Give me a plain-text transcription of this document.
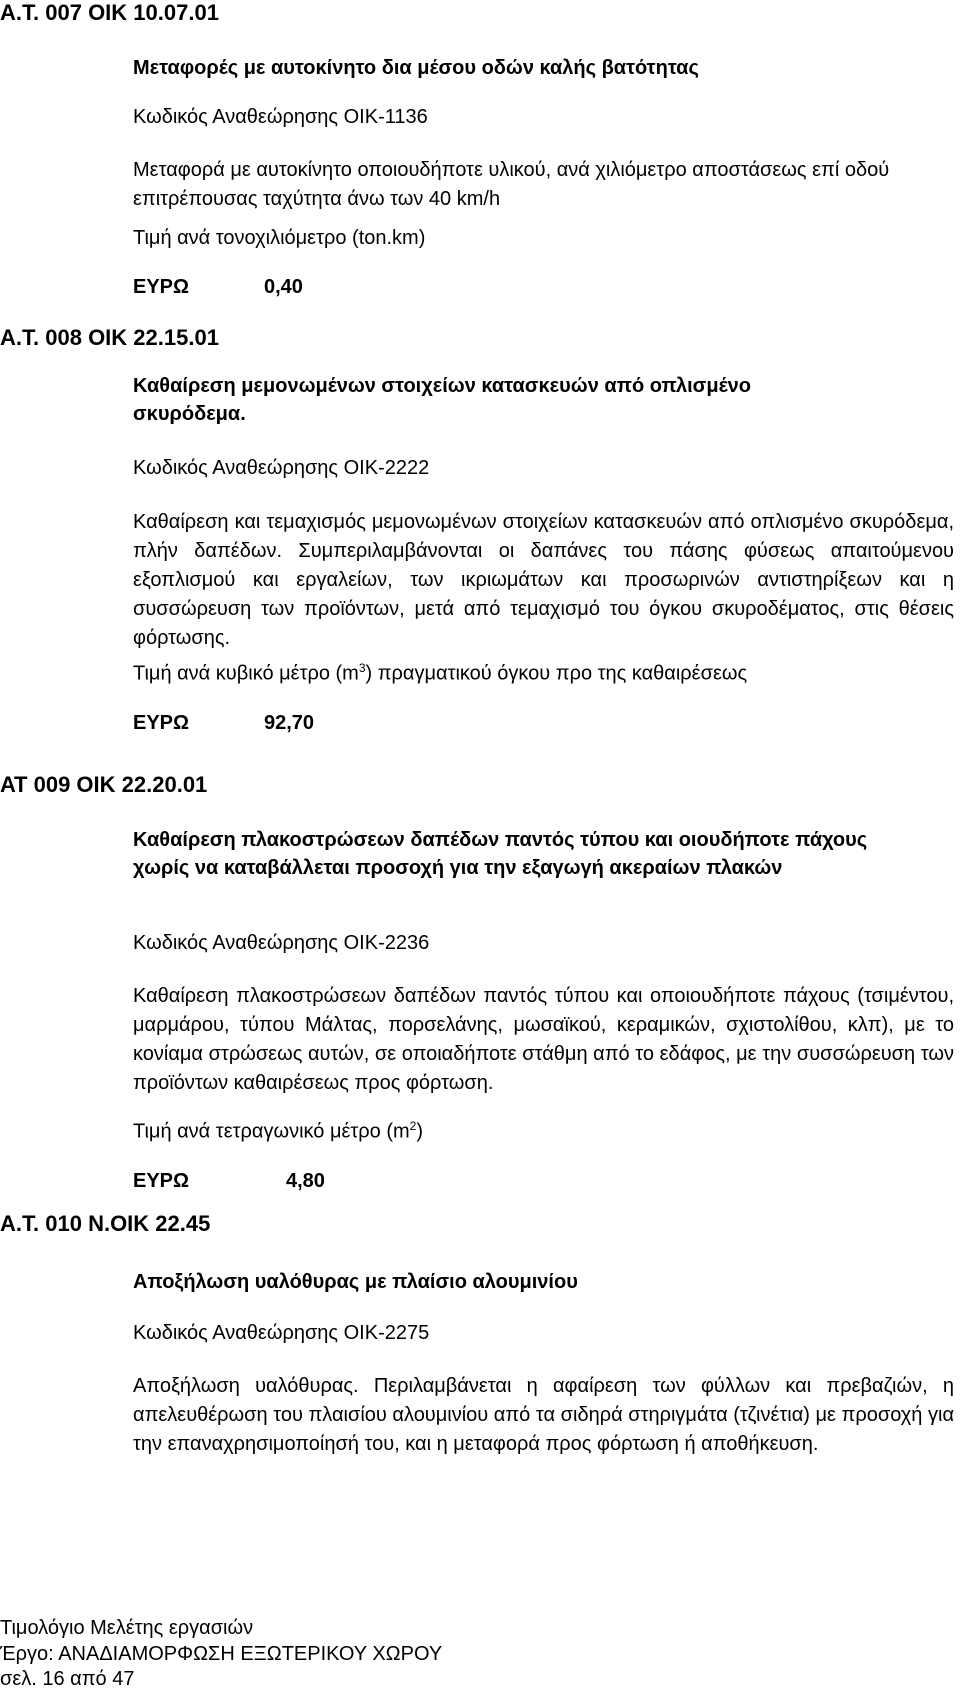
Α.Τ. 007 ΟΙΚ 10.07.01
Μεταφορές με αυτοκίνητο δια μέσου οδών καλής βατότητας
Κωδικός Αναθεώρησης ΟΙΚ-1136
Μεταφορά με αυτοκίνητο οποιουδήποτε υλικού, ανά χιλιόμετρο αποστάσεως επί οδού επιτρέπουσας ταχύτητα άνω των 40 km/h
Τιμή ανά τονοχιλιόμετρο (ton.km)
ΕΥΡΩ	0,40
Α.Τ. 008 ΟΙΚ 22.15.01
Καθαίρεση μεμονωμένων στοιχείων κατασκευών από οπλισμένο σκυρόδεμα.
Κωδικός Αναθεώρησης ΟΙΚ-2222
Καθαίρεση και τεμαχισμός μεμονωμένων στοιχείων κατασκευών από οπλισμένο σκυρόδεμα, πλήν δαπέδων. Συμπεριλαμβάνονται οι δαπάνες του πάσης φύσεως απαιτούμενου εξοπλισμού και εργαλείων, των ικριωμάτων και προσωρινών αντιστηρίξεων και η συσσώρευση των προϊόντων, μετά από τεμαχισμό του όγκου σκυροδέματος, στις θέσεις φόρτωσης.
Τιμή ανά κυβικό μέτρο $(m^3)$ πραγματικού όγκου προ της καθαιρέσεως
ΕΥΡΩ	92,70
ΑΤ 009 ΟΙΚ 22.20.01
Καθαίρεση πλακοστρώσεων δαπέδων παντός τύπου και οιουδήποτε πάχους χωρίς να καταβάλλεται προσοχή για την εξαγωγή ακεραίων πλακών
Κωδικός Αναθεώρησης ΟΙΚ-2236
Καθαίρεση πλακοστρώσεων δαπέδων παντός τύπου και οποιουδήποτε πάχους (τσιμέντου, μαρμάρου, τύπου Μάλτας, πορσελάνης, μωσαϊκού, κεραμικών, σχιστολίθου, κλπ), με το κονίαμα στρώσεως αυτών, σε οποιαδήποτε στάθμη από το εδάφος, με την συσσώρευση των προϊόντων καθαιρέσεως προς φόρτωση.
Τιμή ανά τετραγωνικό μέτρο $(m^2)$
ΕΥΡΩ	4,80
Α.Τ. 010 Ν.ΟΙΚ 22.45
Αποξήλωση υαλόθυρας με πλαίσιο αλουμινίου
Κωδικός Αναθεώρησης ΟΙΚ-2275
Αποξήλωση υαλόθυρας. Περιλαμβάνεται η αφαίρεση των φύλλων και πρεβαζιών, η απελευθέρωση του πλαισίου αλουμινίου από τα σιδηρά στηριγμάτα (τζινέτια) με προσοχή για την επαναχρησιμοποίησή του, και η μεταφορά προς φόρτωση ή αποθήκευση.
Τιμολόγιο Μελέτης εργασιών
Έργο: ΑΝΑΔΙΑΜΟΡΦΩΣΗ ΕΞΩΤΕΡΙΚΟΥ ΧΩΡΟΥ
σελ. 16 από 47
